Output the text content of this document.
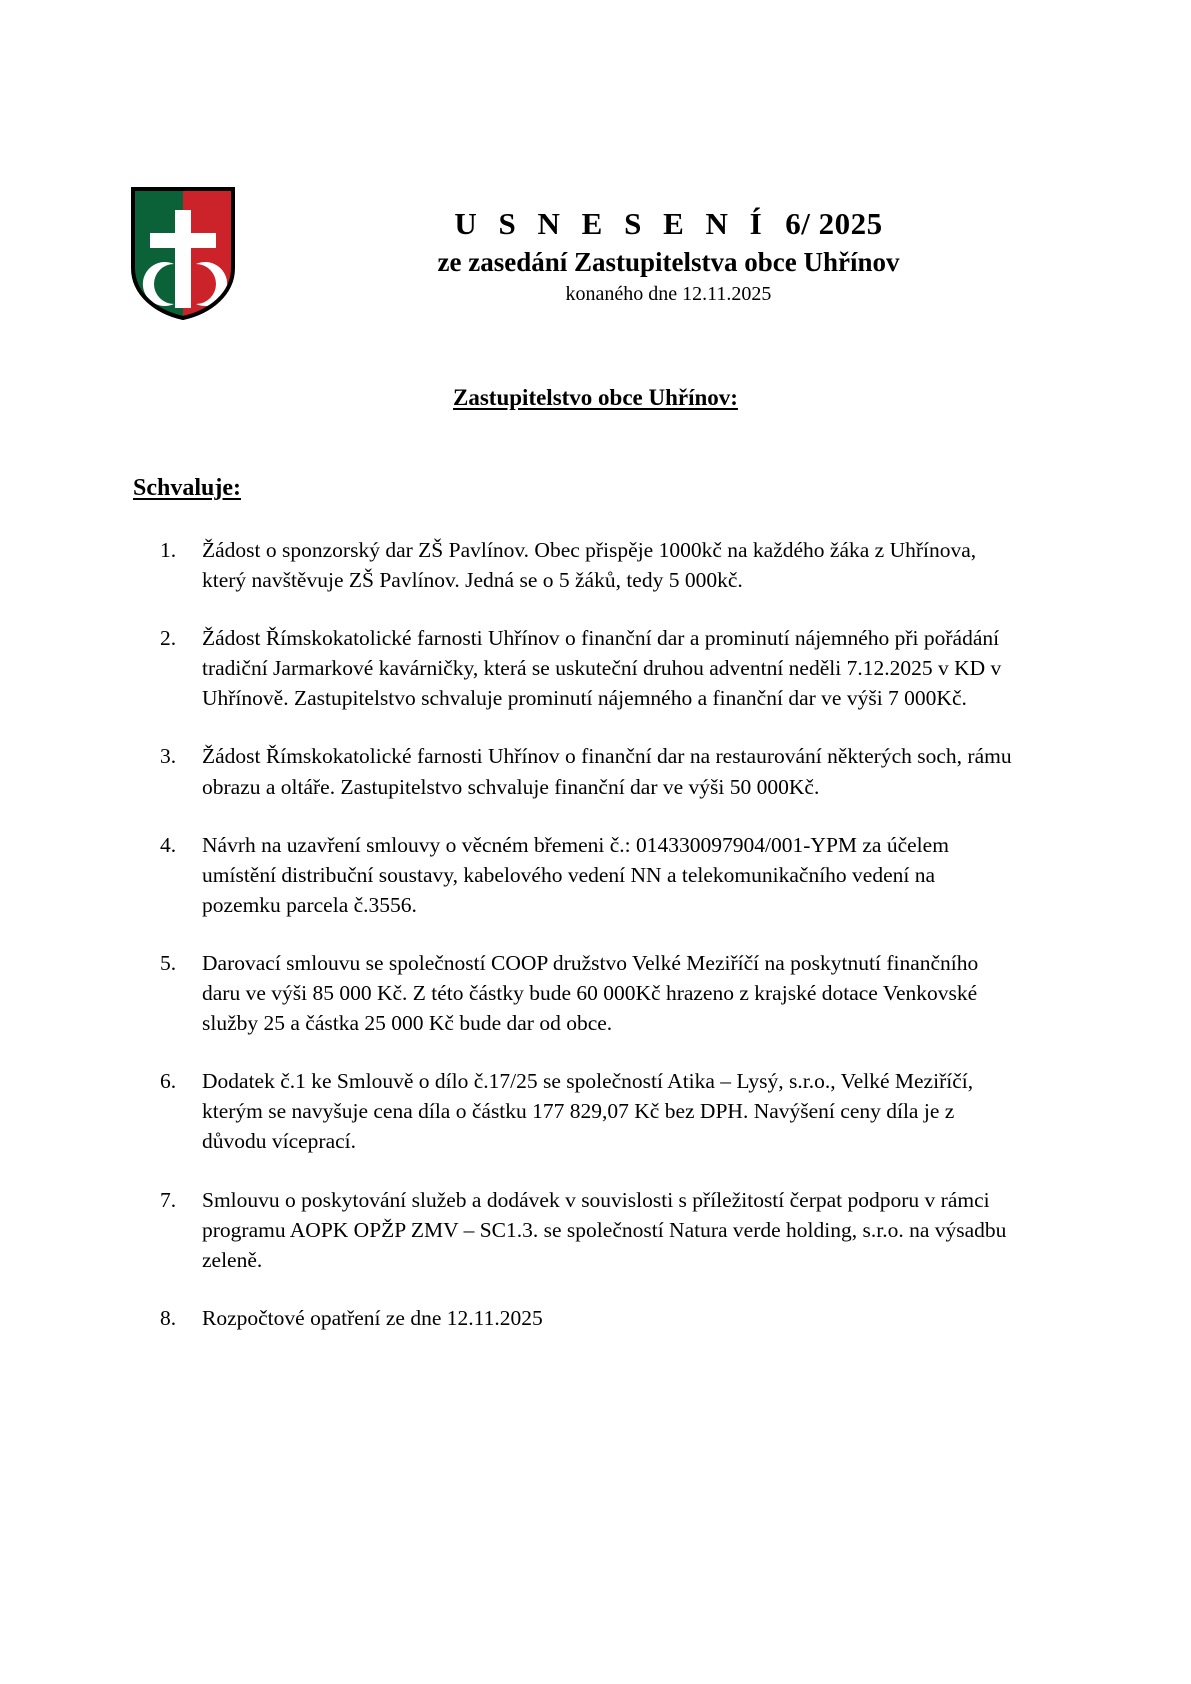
U S N E S E N Í 6/ 2025
ze zasedání Zastupitelstva obce Uhřínov
konaného dne 12.11.2025
Zastupitelstvo obce Uhřínov:
Schvaluje:
1.	Žádost o sponzorský dar ZŠ Pavlínov. Obec přispěje 1000kč na každého žáka z Uhřínova, který navštěvuje ZŠ Pavlínov. Jedná se o 5 žáků, tedy 5 000kč.
2.	Žádost Římskokatolické farnosti Uhřínov o finanční dar a prominutí nájemného při pořádání tradiční Jarmarkové kavárničky, která se uskuteční druhou adventní neděli 7.12.2025 v KD v Uhřínově. Zastupitelstvo schvaluje prominutí nájemného a finanční dar ve výši 7 000Kč.
3.	Žádost Římskokatolické farnosti Uhřínov o finanční dar na restaurování některých soch, rámu obrazu a oltáře. Zastupitelstvo schvaluje finanční dar ve výši 50 000Kč.
4.	Návrh na uzavření smlouvy o věcném břemeni č.: 014330097904/001-YPM za účelem umístění distribuční soustavy, kabelového vedení NN a telekomunikačního vedení na pozemku parcela č.3556.
5.	Darovací smlouvu se společností COOP družstvo Velké Meziříčí na poskytnutí finančního daru ve výši 85 000 Kč. Z této částky bude 60 000Kč hrazeno z krajské dotace Venkovské služby 25 a částka 25 000 Kč bude dar od obce.
6.	Dodatek č.1 ke Smlouvě o dílo č.17/25 se společností Atika – Lysý, s.r.o., Velké Meziříčí, kterým se navyšuje cena díla o částku 177 829,07 Kč bez DPH. Navýšení ceny díla je z důvodu víceprací.
7.	Smlouvu o poskytování služeb a dodávek v souvislosti s příležitostí čerpat podporu v rámci programu AOPK OPŽP ZMV – SC1.3. se společností Natura verde holding, s.r.o. na výsadbu zeleně.
8.	Rozpočtové opatření ze dne 12.11.2025
